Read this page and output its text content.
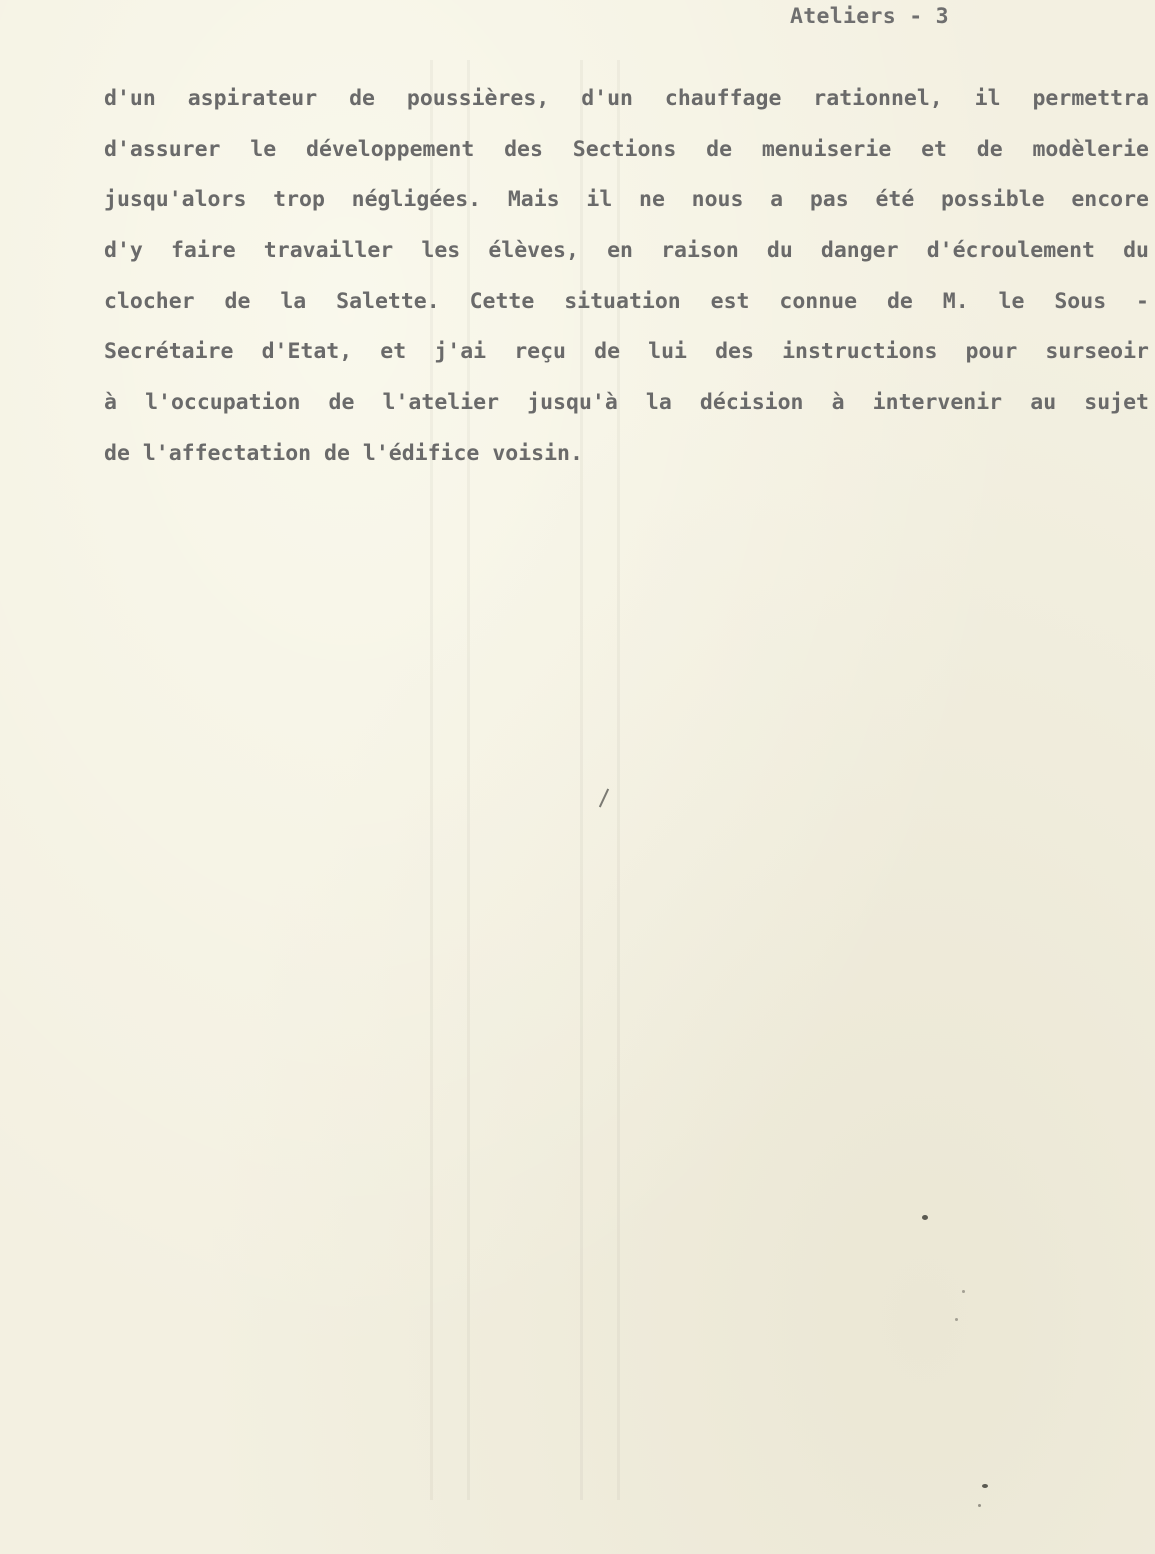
Ateliers - 3
d'un aspirateur de poussières, d'un chauffage rationnel, il permettra
d'assurer le développement des Sections de menuiserie et de modèlerie
jusqu'alors trop négligées. Mais il ne nous a pas été possible encore
d'y faire travailler les élèves, en raison du danger d'écroulement du
clocher de la Salette. Cette situation est connue de M. le Sous -
Secrétaire d'Etat, et j'ai reçu de lui des instructions pour surseoir
à l'occupation de l'atelier jusqu'à la décision à intervenir au sujet
de l'affectation de l'édifice voisin.
